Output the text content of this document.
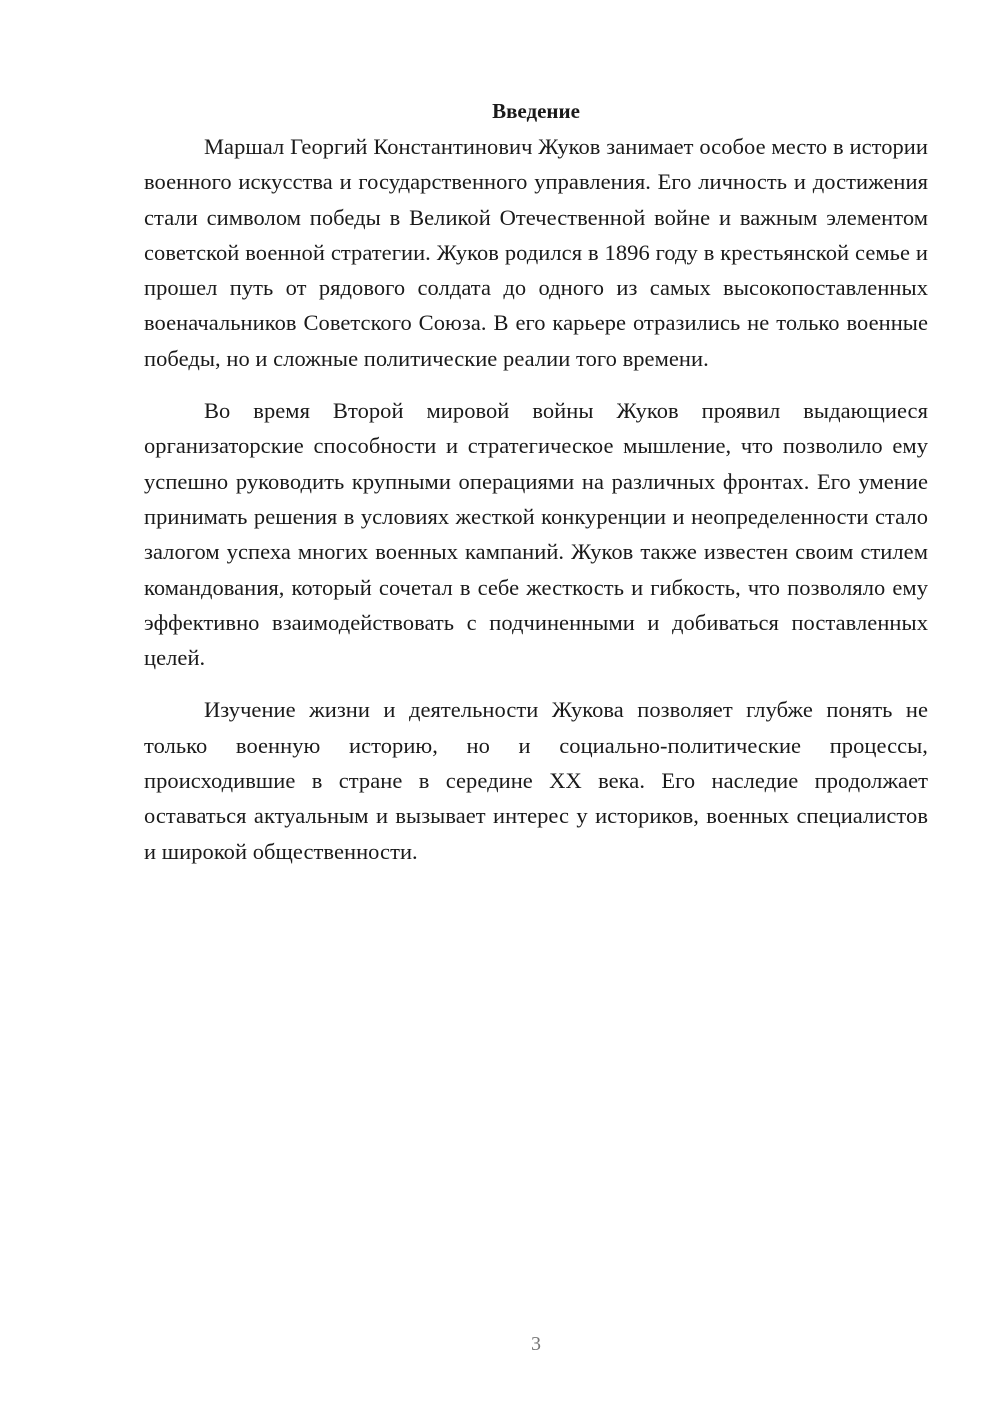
Введение

Маршал Георгий Константинович Жуков занимает особое место в истории военного искусства и государственного управления. Его личность и достижения стали символом победы в Великой Отечественной войне и важным элементом советской военной стратегии. Жуков родился в 1896 году в крестьянской семье и прошел путь от рядового солдата до одного из самых высокопоставленных военачальников Советского Союза. В его карьере отразились не только военные победы, но и сложные политические реалии того времени.

Во время Второй мировой войны Жуков проявил выдающиеся организаторские способности и стратегическое мышление, что позволило ему успешно руководить крупными операциями на различных фронтах. Его умение принимать решения в условиях жесткой конкуренции и неопределенности стало залогом успеха многих военных кампаний. Жуков также известен своим стилем командования, который сочетал в себе жесткость и гибкость, что позволяло ему эффективно взаимодействовать с подчиненными и добиваться поставленных целей.

Изучение жизни и деятельности Жукова позволяет глубже понять не только военную историю, но и социально-политические процессы, происходившие в стране в середине XX века. Его наследие продолжает оставаться актуальным и вызывает интерес у историков, военных специалистов и широкой общественности.

3
